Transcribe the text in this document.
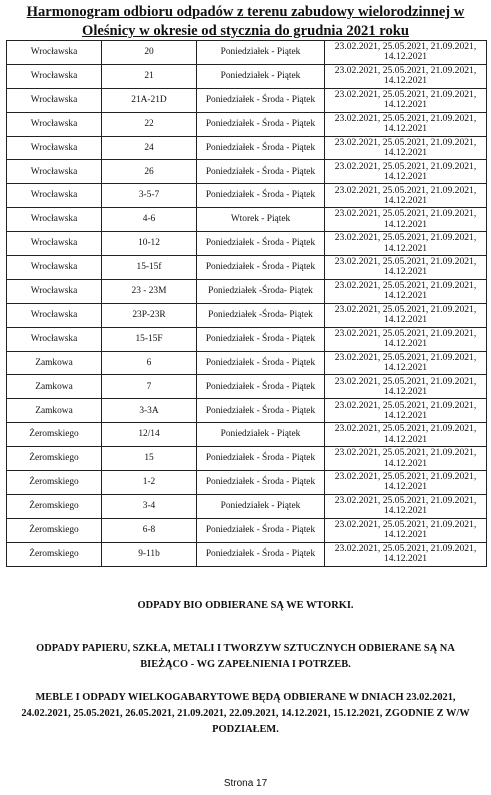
Harmonogram odbioru odpadów z terenu zabudowy wielorodzinnej w
Oleśnicy w okresie od stycznia do grudnia 2021 roku
Wrocławska	20	Poniedziałek - Piątek	23.02.2021, 25.05.2021, 21.09.2021,
14.12.2021
Wrocławska	21	Poniedziałek - Piątek	23.02.2021, 25.05.2021, 21.09.2021,
14.12.2021
Wrocławska	21A-21D	Poniedziałek - Środa - Piątek	23.02.2021, 25.05.2021, 21.09.2021,
14.12.2021
Wrocławska	22	Poniedziałek - Środa - Piątek	23.02.2021, 25.05.2021, 21.09.2021,
14.12.2021
Wrocławska	24	Poniedziałek - Środa - Piątek	23.02.2021, 25.05.2021, 21.09.2021,
14.12.2021
Wrocławska	26	Poniedziałek - Środa - Piątek	23.02.2021, 25.05.2021, 21.09.2021,
14.12.2021
Wrocławska	3-5-7	Poniedziałek - Środa - Piątek	23.02.2021, 25.05.2021, 21.09.2021,
14.12.2021
Wrocławska	4-6	Wtorek - Piątek	23.02.2021, 25.05.2021, 21.09.2021,
14.12.2021
Wrocławska	10-12	Poniedziałek - Środa - Piątek	23.02.2021, 25.05.2021, 21.09.2021,
14.12.2021
Wrocławska	15-15f	Poniedziałek - Środa - Piątek	23.02.2021, 25.05.2021, 21.09.2021,
14.12.2021
Wrocławska	23 - 23M	Poniedziałek -Środa- Piątek	23.02.2021, 25.05.2021, 21.09.2021,
14.12.2021
Wrocławska	23P-23R	Poniedziałek -Środa- Piątek	23.02.2021, 25.05.2021, 21.09.2021,
14.12.2021
Wrocławska	15-15F	Poniedziałek - Środa - Piątek	23.02.2021, 25.05.2021, 21.09.2021,
14.12.2021
Zamkowa	6	Poniedziałek - Środa - Piątek	23.02.2021, 25.05.2021, 21.09.2021,
14.12.2021
Zamkowa	7	Poniedziałek - Środa - Piątek	23.02.2021, 25.05.2021, 21.09.2021,
14.12.2021
Zamkowa	3-3A	Poniedziałek - Środa - Piątek	23.02.2021, 25.05.2021, 21.09.2021,
14.12.2021
Żeromskiego	12/14	Poniedziałek - Piątek	23.02.2021, 25.05.2021, 21.09.2021,
14.12.2021
Żeromskiego	15	Poniedziałek - Środa - Piątek	23.02.2021, 25.05.2021, 21.09.2021,
14.12.2021
Żeromskiego	1-2	Poniedziałek - Środa - Piątek	23.02.2021, 25.05.2021, 21.09.2021,
14.12.2021
Żeromskiego	3-4	Poniedziałek - Piątek	23.02.2021, 25.05.2021, 21.09.2021,
14.12.2021
Żeromskiego	6-8	Poniedziałek - Środa - Piątek	23.02.2021, 25.05.2021, 21.09.2021,
14.12.2021
Żeromskiego	9-11b	Poniedziałek - Środa - Piątek	23.02.2021, 25.05.2021, 21.09.2021,
14.12.2021

ODPADY BIO ODBIERANE SĄ WE WTORKI.

ODPADY PAPIERU, SZKŁA, METALI I TWORZYW SZTUCZNYCH ODBIERANE SĄ NA
BIEŻĄCO - WG ZAPEŁNIENIA I POTRZEB.

MEBLE I ODPADY WIELKOGABARYTOWE BĘDĄ ODBIERANE W DNIACH 23.02.2021,
24.02.2021, 25.05.2021, 26.05.2021, 21.09.2021, 22.09.2021, 14.12.2021, 15.12.2021, ZGODNIE Z W/W
PODZIAŁEM.

Strona 17
